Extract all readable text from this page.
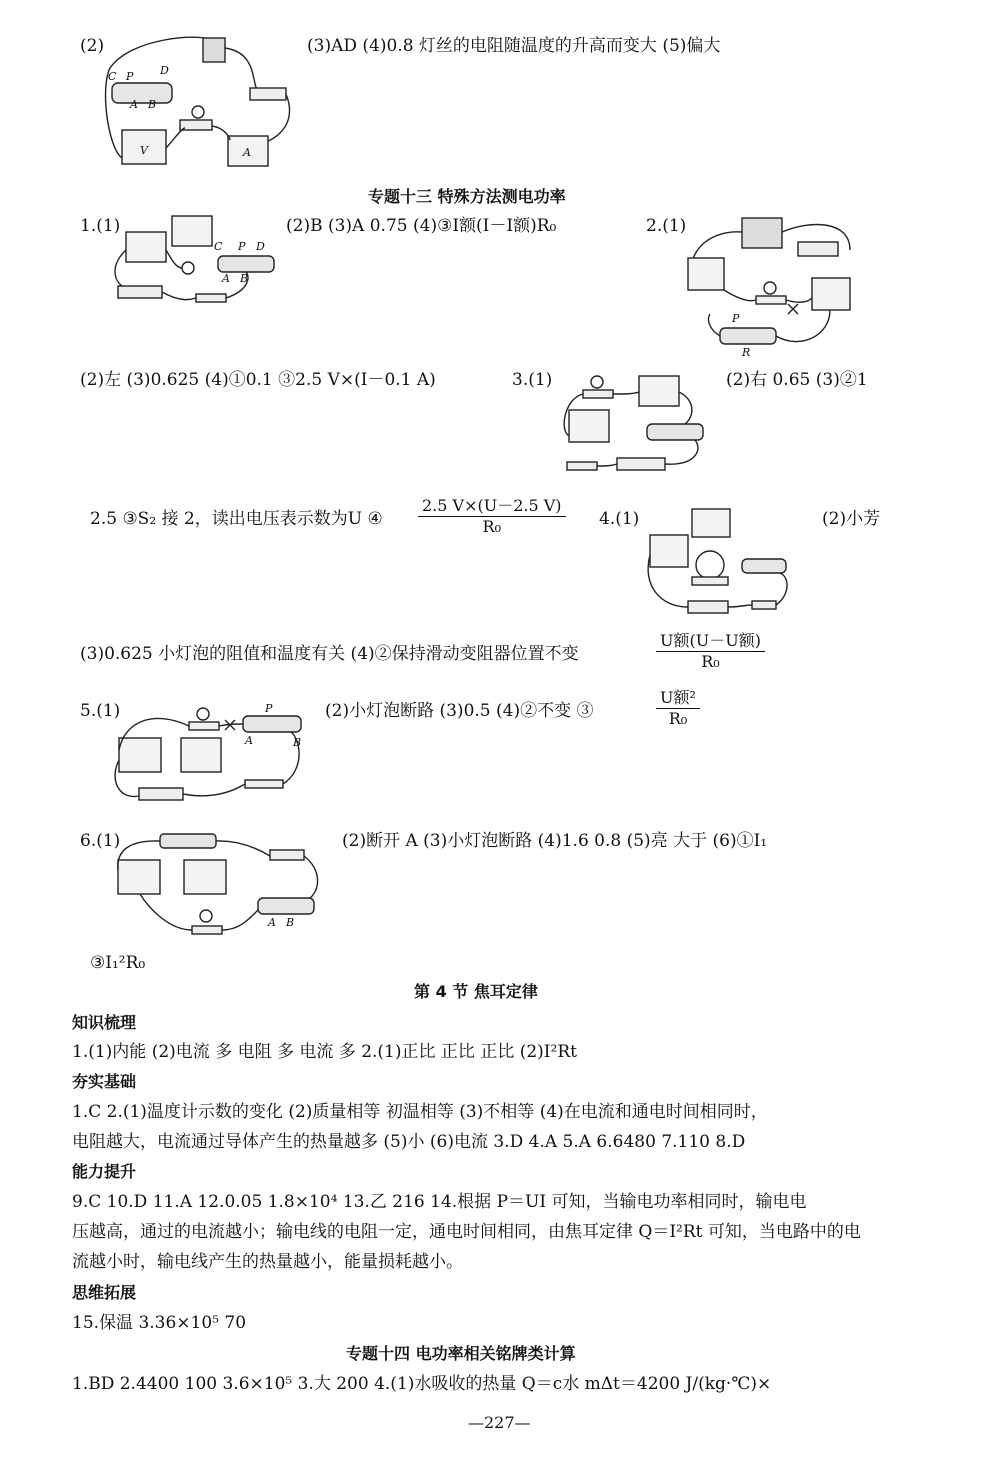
(2)
C P D
A B
V	A
(3)AD (4)0.8 灯丝的电阻随温度的升高而变大 (5)偏大
专题十三 特殊方法测电功率
1.(1)
C P D
A B
(2)B (3)A 0.75 (4)③I额(I－I额)R₀	2.(1)
P
R
(2)左 (3)0.625 (4)①0.1 ③2.5 V×(I－0.1 A)	3.(1)	(2)右 0.65 (3)②1
2.5 ③S₂ 接 2，读出电压表示数为U ④ $\frac{2.5 V\times(U-2.5 V)}{\text{R₀}} 4.(1)$	(2)小芳
(3)0.625 小灯泡的阻值和温度有关 (4)②保持滑动变阻器位置不变
U额(U－U额)
R₀
5.(1)	P
A	B
(2)小灯泡断路 (3)0.5 (4)②不变 ③
U额²
R₀
6.(1)
A B
(2)断开 A (3)小灯泡断路 (4)1.6 0.8 (5)亮 大于 (6)①I₁
③I₁²R₀
第 4 节 焦耳定律
知识梳理
1.(1)内能 (2)电流 多 电阻 多 电流 多 2.(1)正比 正比 正比 (2)I²Rt
夯实基础
1.C 2.(1)温度计示数的变化 (2)质量相等 初温相等 (3)不相等 (4)在电流和通电时间相同时，
电阻越大，电流通过导体产生的热量越多 (5)小 (6)电流 3.D 4.A 5.A 6.6480 7.110 8.D
能力提升
9.C 10.D 11.A 12.0.05 1.8×10⁴ 13.乙 216 14.根据 P＝UI 可知，当输电功率相同时，输电电
压越高，通过的电流越小；输电线的电阻一定，通电时间相同，由焦耳定律 Q＝I²Rt 可知，当电路中的电
流越小时，输电线产生的热量越小，能量损耗越小。
思维拓展
15.保温 3.36×10⁵ 70
专题十四 电功率相关铭牌类计算
1.BD 2.4400 100 3.6×10⁵ 3.大 200 4.(1)水吸收的热量 Q＝c水 mΔt＝4200 J/(kg·℃)×
—227—
